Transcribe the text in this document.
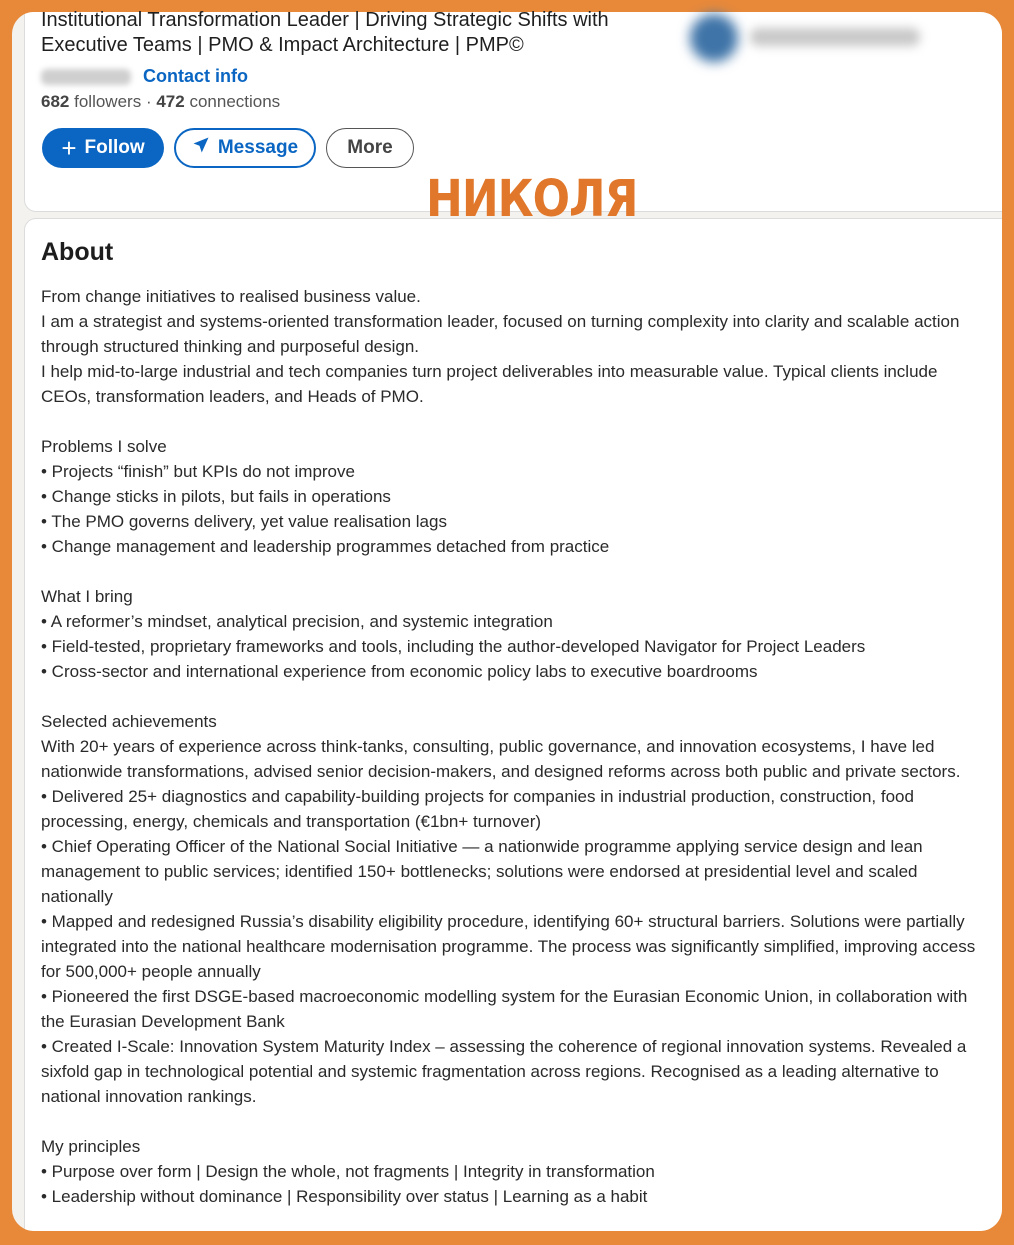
Institutional Transformation Leader | Driving Strategic Shifts with Executive Teams | PMO & Impact Architecture | PMP©
Contact info
682 followers · 472 connections
+ Follow	Message	More
НИКОЛЯ
About

From change initiatives to realised business value.

I am a strategist and systems-oriented transformation leader, focused on turning complexity into clarity and scalable action through structured thinking and purposeful design.

I help mid-to-large industrial and tech companies turn project deliverables into measurable value. Typical clients include CEOs, transformation leaders, and Heads of PMO.

Problems I solve

• Projects “finish” but KPIs do not improve

• Change sticks in pilots, but fails in operations

• The PMO governs delivery, yet value realisation lags

• Change management and leadership programmes detached from practice

What I bring

• A reformer’s mindset, analytical precision, and systemic integration

• Field-tested, proprietary frameworks and tools, including the author-developed Navigator for Project Leaders

• Cross-sector and international experience from economic policy labs to executive boardrooms

Selected achievements

With 20+ years of experience across think-tanks, consulting, public governance, and innovation ecosystems, I have led nationwide transformations, advised senior decision-makers, and designed reforms across both public and private sectors.

• Delivered 25+ diagnostics and capability-building projects for companies in industrial production, construction, food processing, energy, chemicals and transportation (€1bn+ turnover)

• Chief Operating Officer of the National Social Initiative — a nationwide programme applying service design and lean management to public services; identified 150+ bottlenecks; solutions were endorsed at presidential level and scaled nationally

• Mapped and redesigned Russia’s disability eligibility procedure, identifying 60+ structural barriers. Solutions were partially integrated into the national healthcare modernisation programme. The process was significantly simplified, improving access for 500,000+ people annually

• Pioneered the first DSGE-based macroeconomic modelling system for the Eurasian Economic Union, in collaboration with the Eurasian Development Bank

• Created I-Scale: Innovation System Maturity Index – assessing the coherence of regional innovation systems. Revealed a sixfold gap in technological potential and systemic fragmentation across regions. Recognised as a leading alternative to national innovation rankings.

My principles

• Purpose over form | Design the whole, not fragments | Integrity in transformation

• Leadership without dominance | Responsibility over status | Learning as a habit
